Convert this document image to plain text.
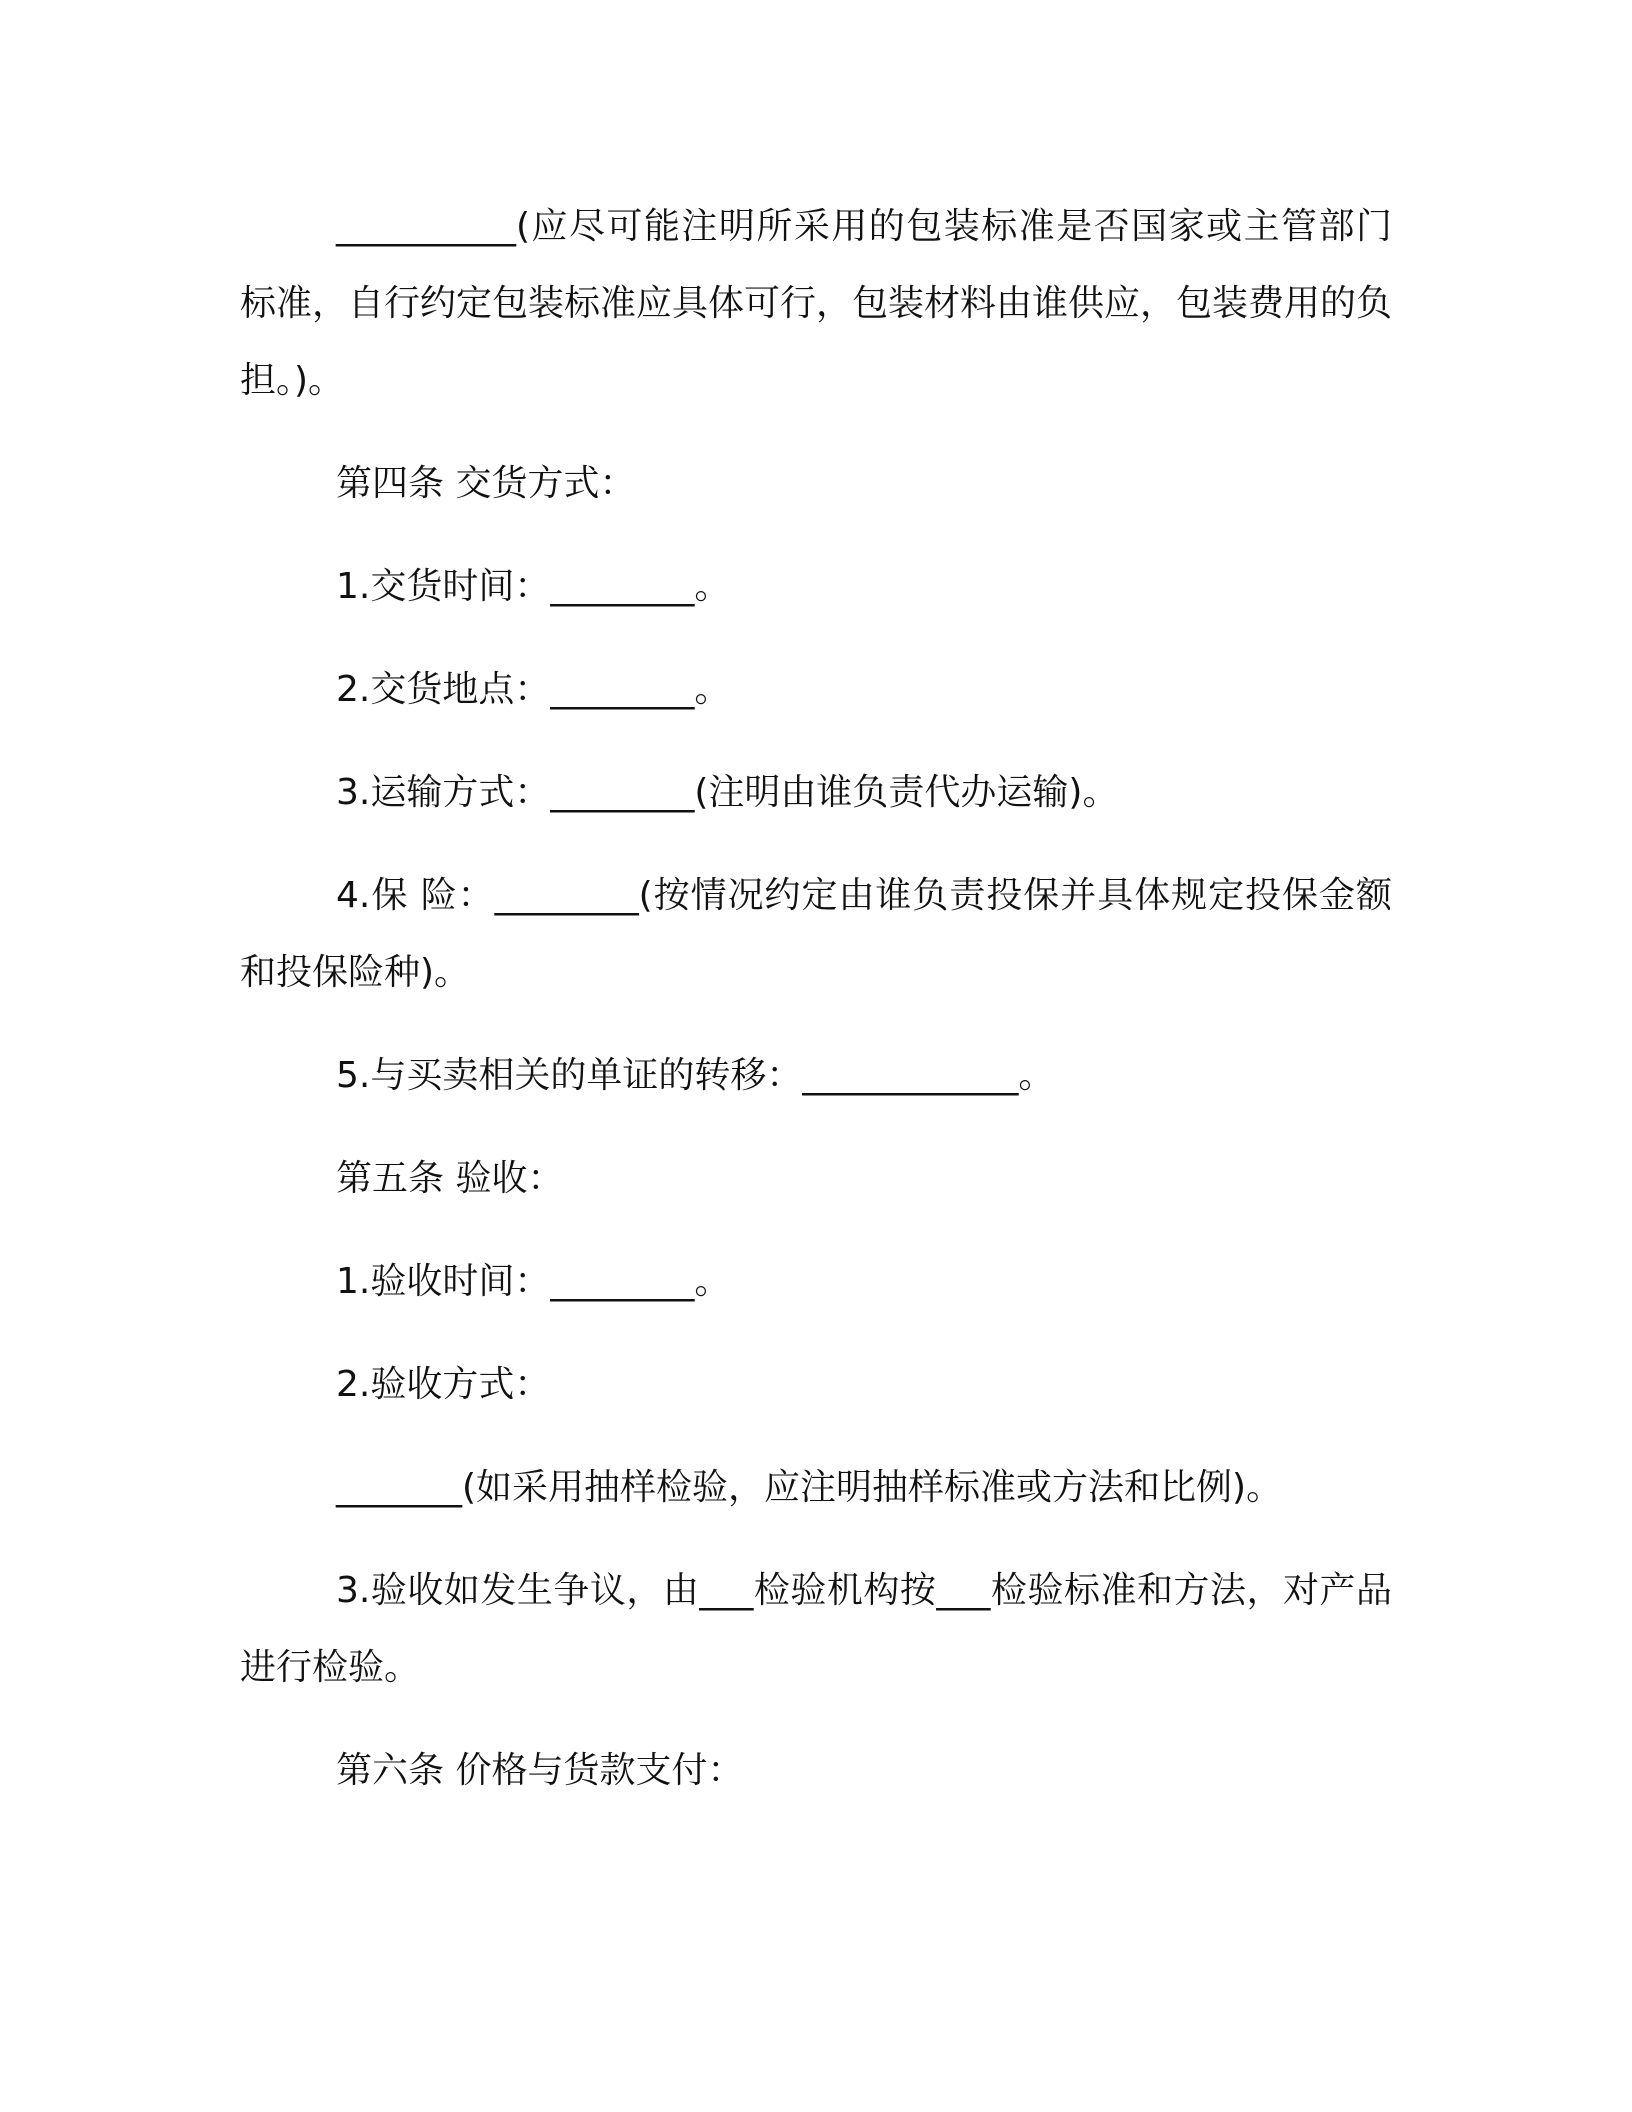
__________(应尽可能注明所采用的包装标准是否国家或主管部门标准，自行约定包装标准应具体可行，包装材料由谁供应，包装费用的负担。)。

第四条 交货方式：

1.交货时间：________。

2.交货地点：________。

3.运输方式：________(注明由谁负责代办运输)。

4.保 险：________(按情况约定由谁负责投保并具体规定投保金额和投保险种)。

5.与买卖相关的单证的转移：____________。

第五条 验收：

1.验收时间：________。

2.验收方式：

_______(如采用抽样检验，应注明抽样标准或方法和比例)。

3.验收如发生争议，由___检验机构按___检验标准和方法，对产品进行检验。

第六条 价格与货款支付：
